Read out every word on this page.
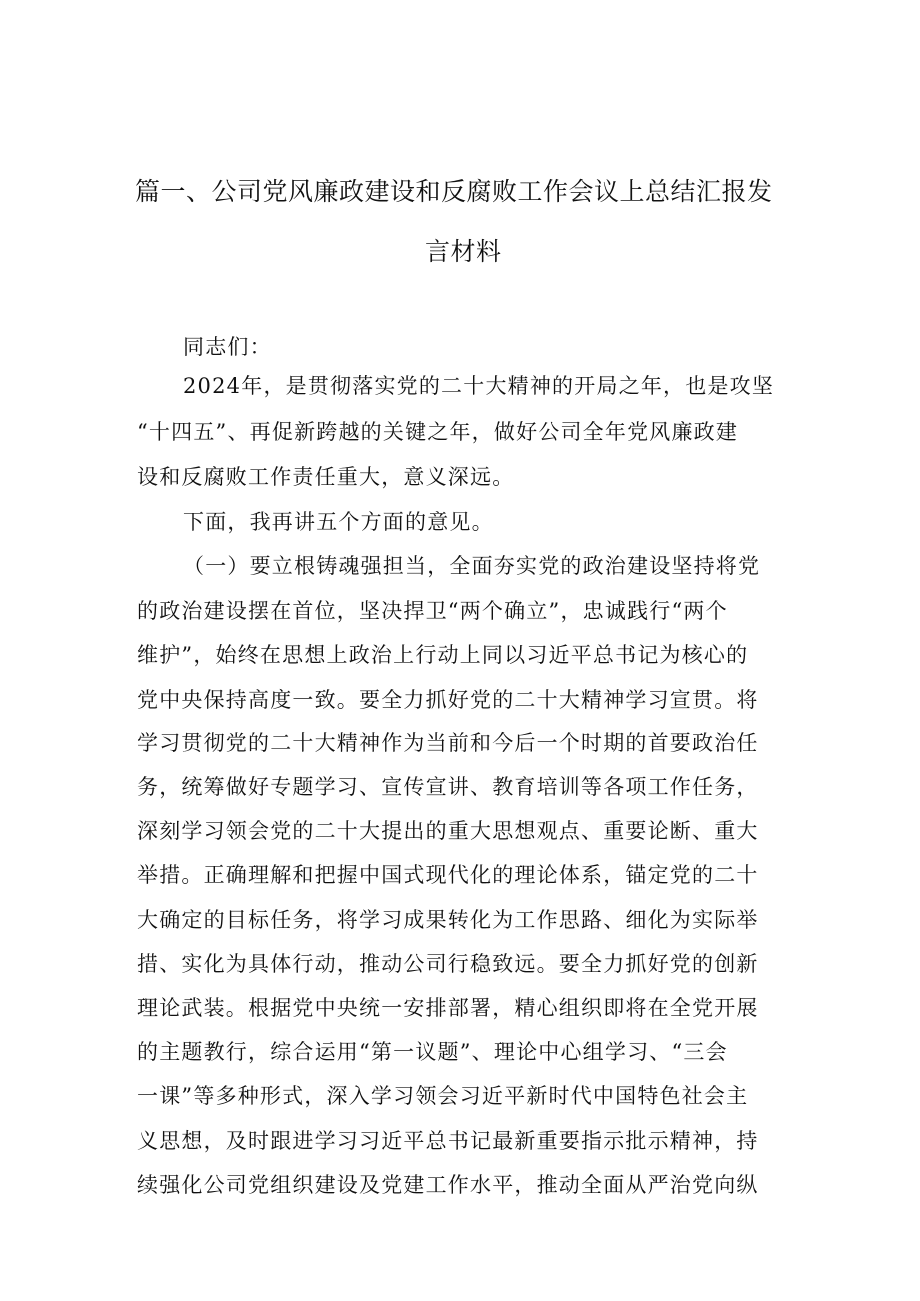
篇一、公司党风廉政建设和反腐败工作会议上总结汇报发
言材料
同志们：
2024年，是贯彻落实党的二十大精神的开局之年，也是攻坚
“十四五”、再促新跨越的关键之年，做好公司全年党风廉政建
设和反腐败工作责任重大，意义深远。
下面，我再讲五个方面的意见。
（一）要立根铸魂强担当，全面夯实党的政治建设坚持将党
的政治建设摆在首位，坚决捍卫“两个确立”，忠诚践行“两个
维护”，始终在思想上政治上行动上同以习近平总书记为核心的
党中央保持高度一致。要全力抓好党的二十大精神学习宣贯。将
学习贯彻党的二十大精神作为当前和今后一个时期的首要政治任
务，统筹做好专题学习、宣传宣讲、教育培训等各项工作任务，
深刻学习领会党的二十大提出的重大思想观点、重要论断、重大
举措。正确理解和把握中国式现代化的理论体系，锚定党的二十
大确定的目标任务，将学习成果转化为工作思路、细化为实际举
措、实化为具体行动，推动公司行稳致远。要全力抓好党的创新
理论武装。根据党中央统一安排部署，精心组织即将在全党开展
的主题教行，综合运用“第一议题”、理论中心组学习、“三会
一课”等多种形式，深入学习领会习近平新时代中国特色社会主
义思想，及时跟进学习习近平总书记最新重要指示批示精神，持
续强化公司党组织建设及党建工作水平，推动全面从严治党向纵
